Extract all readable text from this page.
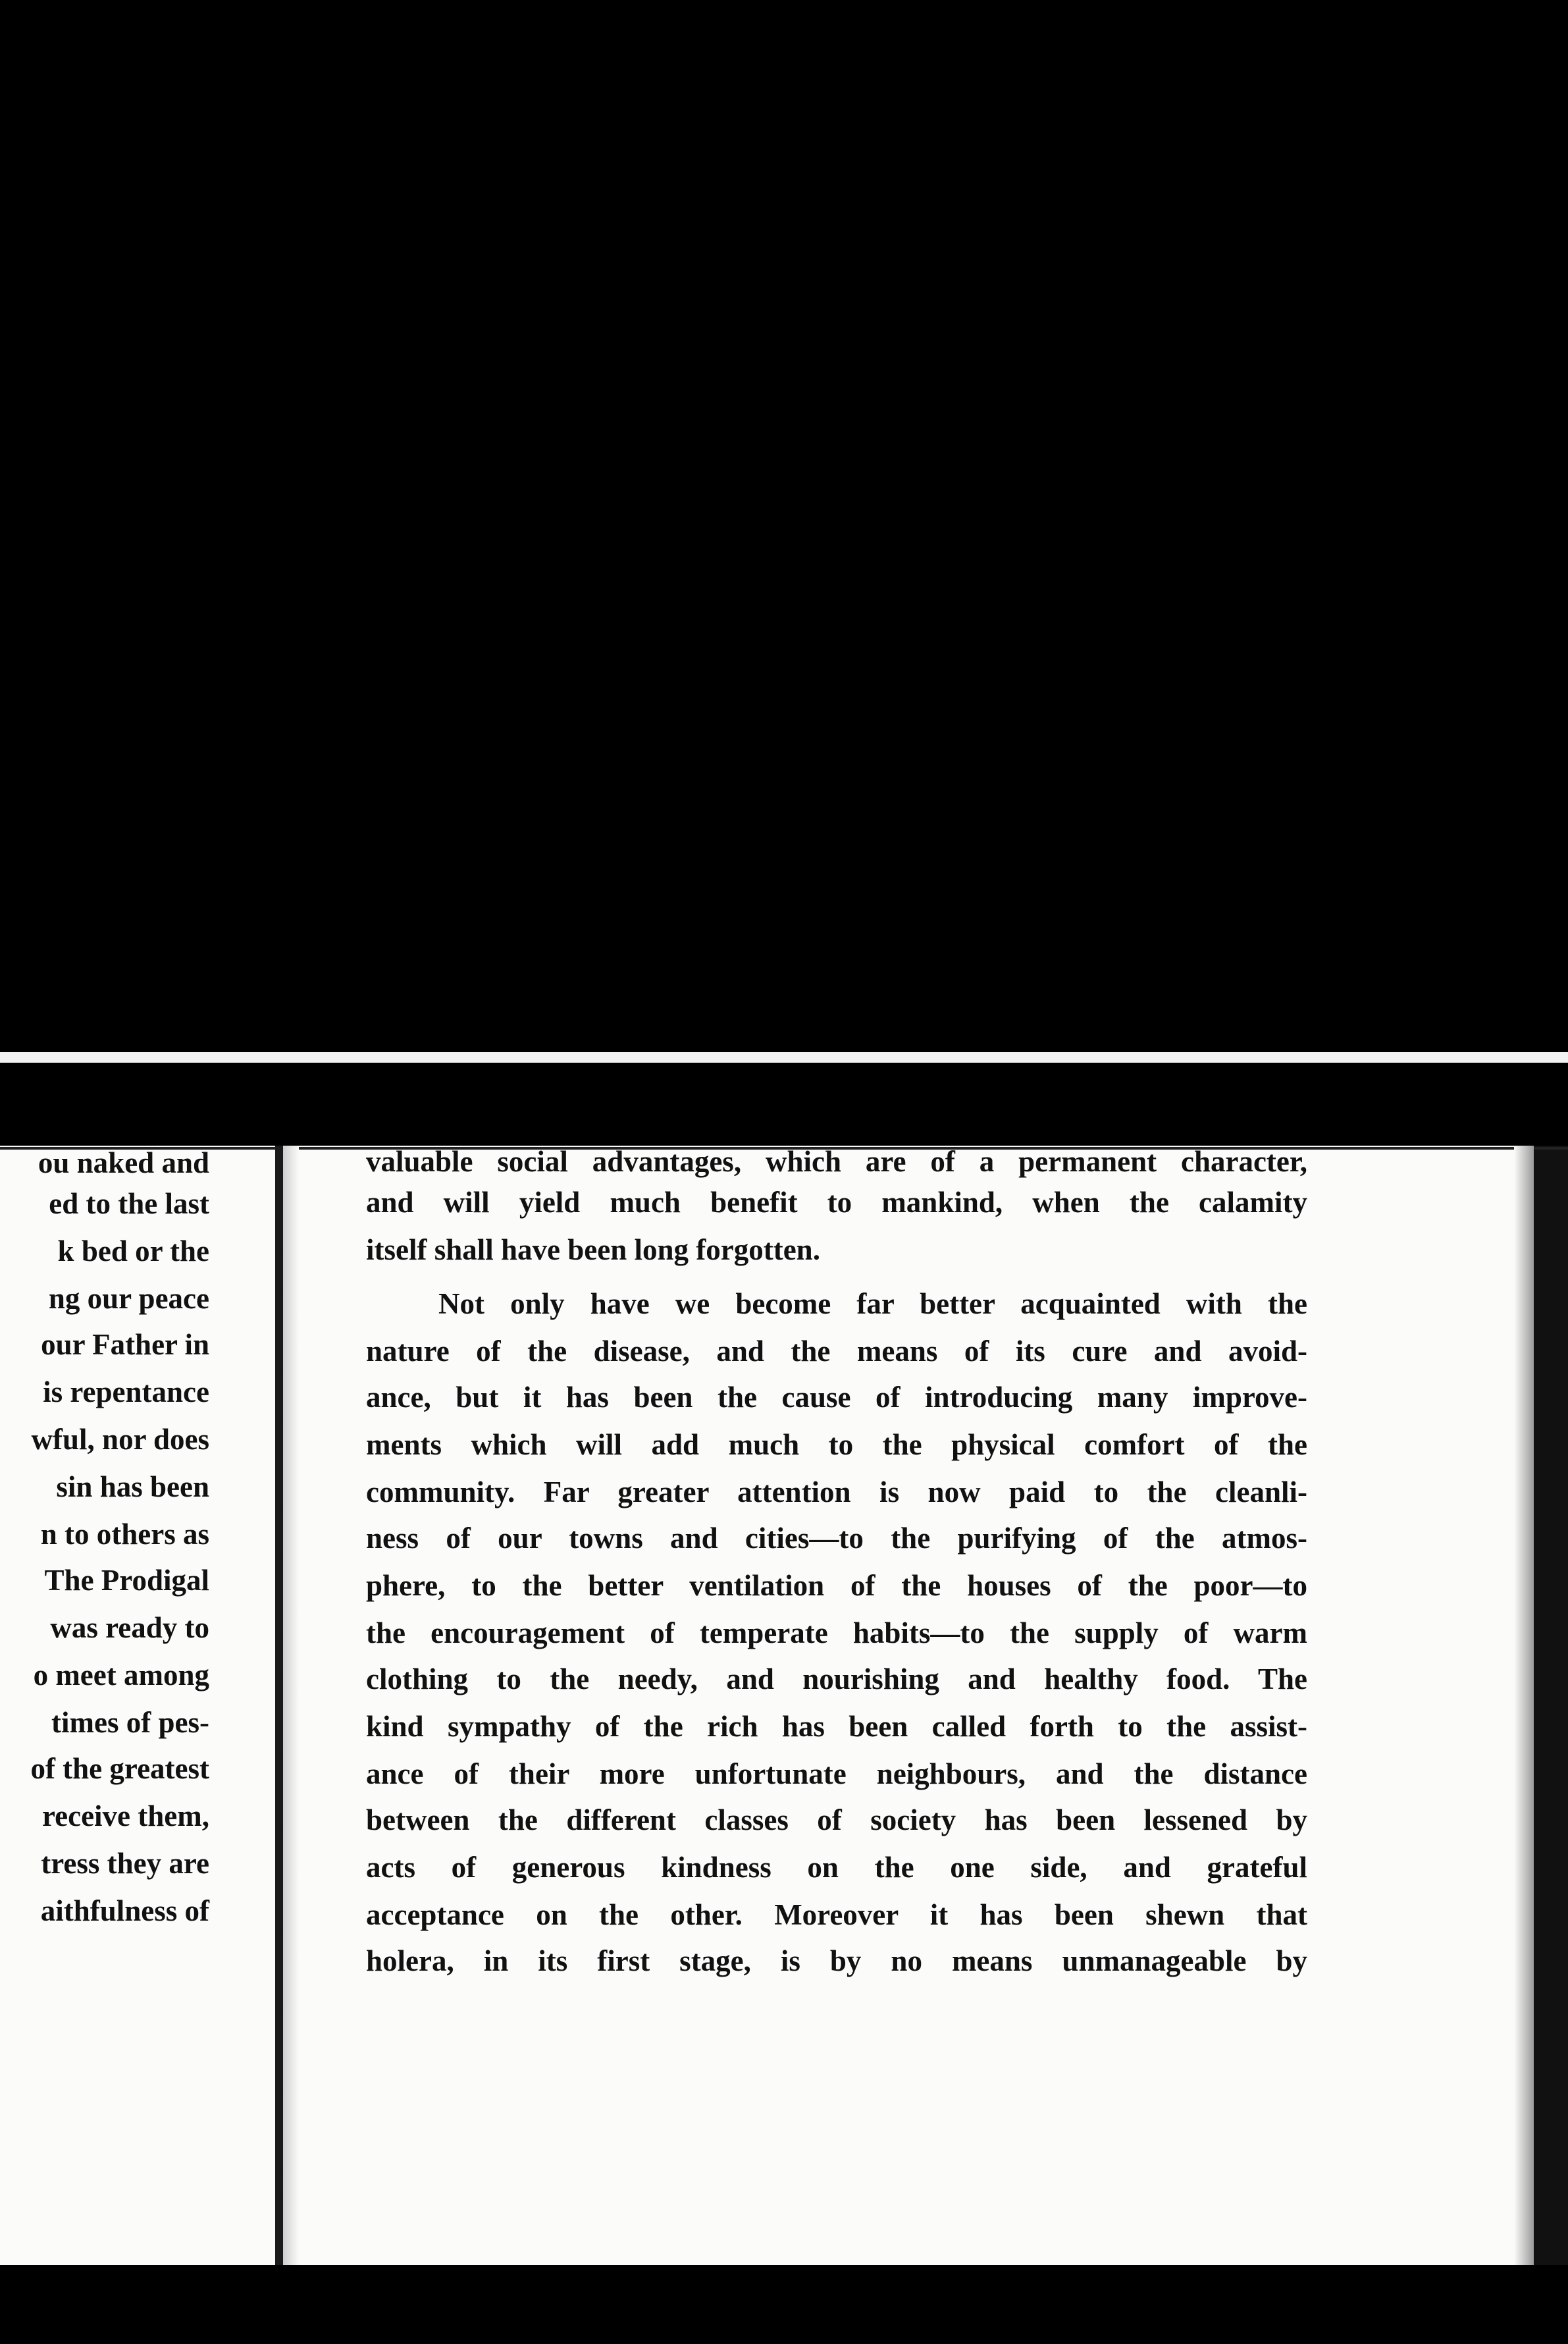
ou naked and
ed to the last
k bed or the
ng our peace
our Father in
is repentance
wful, nor does
sin has been
n to others as
The Prodigal
was ready to
o meet among
times of pes-
of the greatest
receive them,
tress they are
aithfulness of
valuable social advantages, which are of a permanent character,
and will yield much benefit to mankind, when the calamity
itself shall have been long forgotten.
Not only have we become far better acquainted with the
nature of the disease, and the means of its cure and avoid-
ance, but it has been the cause of introducing many improve-
ments which will add much to the physical comfort of the
community. Far greater attention is now paid to the cleanli-
ness of our towns and cities—to the purifying of the atmos-
phere, to the better ventilation of the houses of the poor—to
the encouragement of temperate habits—to the supply of warm
clothing to the needy, and nourishing and healthy food. The
kind sympathy of the rich has been called forth to the assist-
ance of their more unfortunate neighbours, and the distance
between the different classes of society has been lessened by
acts of generous kindness on the one side, and grateful
acceptance on the other. Moreover it has been shewn that
holera, in its first stage, is by no means unmanageable by
